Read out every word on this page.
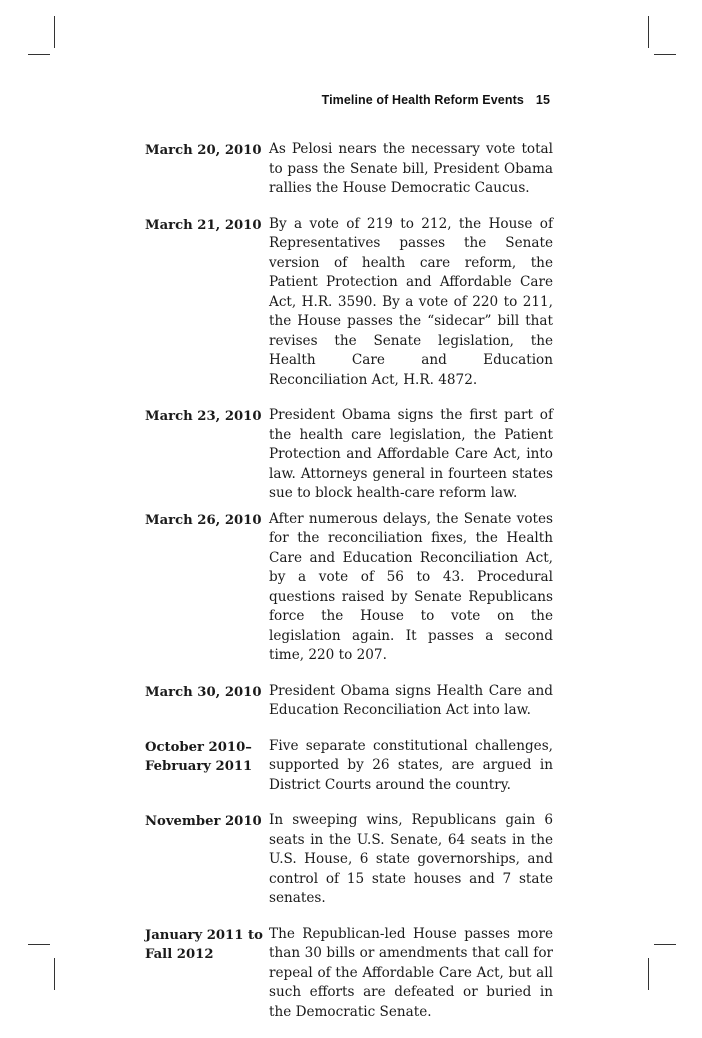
Timeline of Health Reform Events 15
March 20, 2010 As Pelosi nears the necessary vote total to pass the Senate bill, President Obama rallies the House Democratic Caucus.
March 21, 2010 By a vote of 219 to 212, the House of Representatives passes the Senate version of health care reform, the Patient Protection and Affordable Care Act, H.R. 3590. By a vote of 220 to 211, the House passes the “sidecar” bill that revises the Senate legislation, the Health Care and Education Reconciliation Act, H.R. 4872.
March 23, 2010 President Obama signs the first part of the health care legislation, the Patient Protection and Affordable Care Act, into law. Attorneys general in fourteen states sue to block health-care reform law.
March 26, 2010 After numerous delays, the Senate votes for the reconciliation fixes, the Health Care and Education Reconciliation Act, by a vote of 56 to 43. Procedural questions raised by Senate Republicans force the House to vote on the legislation again. It passes a second time, 220 to 207.
March 30, 2010 President Obama signs Health Care and Education Reconciliation Act into law.
October 2010–
February 2011
Five separate constitutional challenges, supported by 26 states, are argued in District Courts around the country.
November 2010 In sweeping wins, Republicans gain 6 seats in the U.S. Senate, 64 seats in the U.S. House, 6 state governorships, and control of 15 state houses and 7 state senates.
January 2011 to
Fall 2012
The Republican-led House passes more than 30 bills or amendments that call for repeal of the Affordable Care Act, but all such efforts are defeated or buried in the Democratic Senate.
